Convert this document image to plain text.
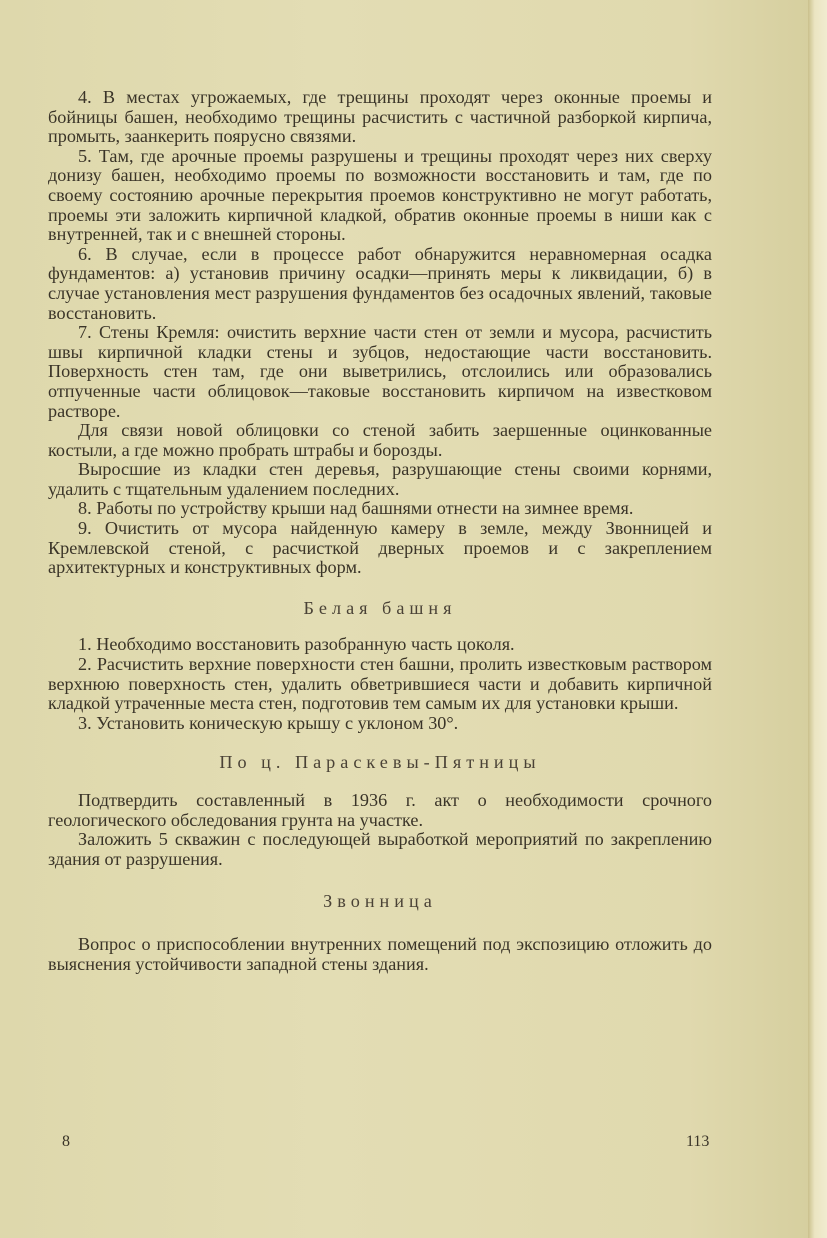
4. В местах угрожаемых, где трещины проходят через оконные проемы и бойницы башен, необходимо трещины расчистить с частичной разборкой кирпича, промыть, заанкерить поярусно связями.

5. Там, где арочные проемы разрушены и трещины проходят через них сверху донизу башен, необходимо проемы по возможности восстановить и там, где по своему состоянию арочные перекрытия проемов конструктивно не могут работать, проемы эти заложить кирпичной кладкой, обратив оконные проемы в ниши как с внутренней, так и с внешней стороны.

6. В случае, если в процессе работ обнаружится неравномерная осадка фундаментов: а) установив причину осадки—принять меры к ликвидации, б) в случае установления мест разрушения фундаментов без осадочных явлений, таковые восстановить.

7. Стены Кремля: очистить верхние части стен от земли и мусора, расчистить швы кирпичной кладки стены и зубцов, недостающие части восстановить. Поверхность стен там, где они выветрились, отслоились или образовались отпученные части облицовок—таковые восстановить кирпичом на известковом растворе.

Для связи новой облицовки со стеной забить заершенные оцинкованные костыли, а где можно пробрать штрабы и борозды.

Выросшие из кладки стен деревья, разрушающие стены своими корнями, удалить с тщательным удалением последних.

8. Работы по устройству крыши над башнями отнести на зимнее время.

9. Очистить от мусора найденную камеру в земле, между Звонницей и Кремлевской стеной, с расчисткой дверных проемов и с закреплением архитектурных и конструктивных форм.

Белая башня

1. Необходимо восстановить разобранную часть цоколя.

2. Расчистить верхние поверхности стен башни, пролить известковым раствором верхнюю поверхность стен, удалить обветрившиеся части и добавить кирпичной кладкой утраченные места стен, подготовив тем самым их для установки крыши.

3. Установить коническую крышу с уклоном 30°.

По ц. Параскевы-Пятницы

Подтвердить составленный в 1936 г. акт о необходимости срочного геологического обследования грунта на участке.

Заложить 5 скважин с последующей выработкой мероприятий по закреплению здания от разрушения.

Звонница

Вопрос о приспособлении внутренних помещений под экспозицию отложить до выяснения устойчивости западной стены здания.

8	113
